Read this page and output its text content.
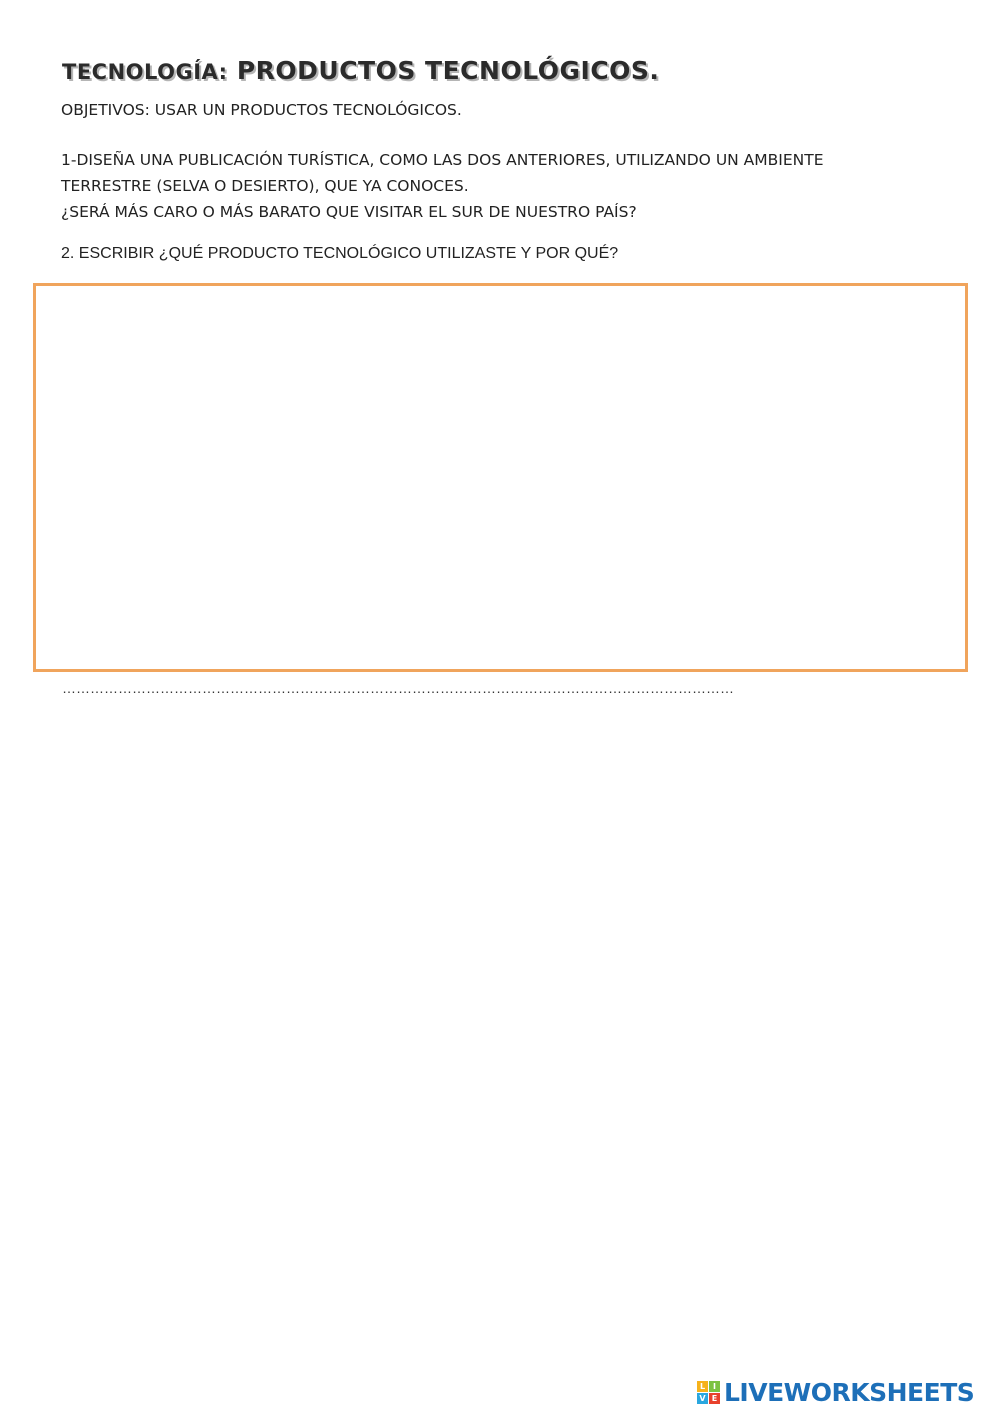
TECNOLOGÍA: PRODUCTOS TECNOLÓGICOS.
OBJETIVOS: USAR UN PRODUCTOS TECNOLÓGICOS.
1-DISEÑA UNA PUBLICACIÓN TURÍSTICA, COMO LAS DOS ANTERIORES, UTILIZANDO UN AMBIENTE
TERRESTRE (SELVA O DESIERTO), QUE YA CONOCES.
¿SERÁ MÁS CARO O MÁS BARATO QUE VISITAR EL SUR DE NUESTRO PAÍS?
2. ESCRIBIR ¿QUÉ PRODUCTO TECNOLÓGICO UTILIZASTE Y POR QUÉ?
………………………………………………………………………………………………………………………………
L I
V E LIVEWORKSHEETS
